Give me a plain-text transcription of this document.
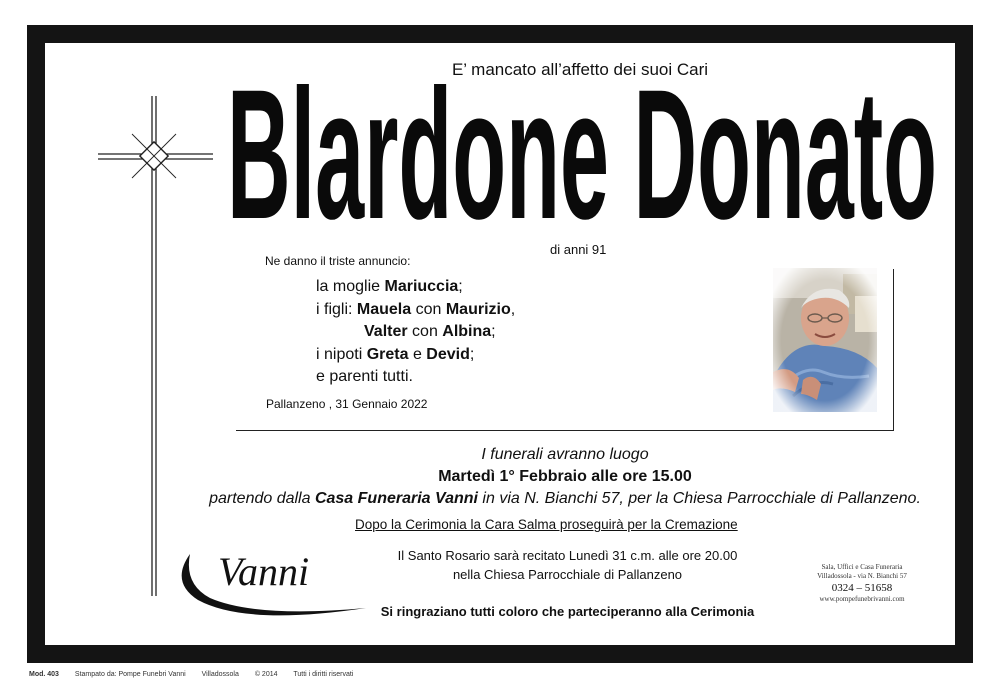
E’ mancato all’affetto dei suoi Cari
Blardone Donato
di anni 91
Ne danno il triste annuncio:
la moglie Mariuccia;
i figli: Mauela con Maurizio,
Valter con Albina;
i nipoti Greta e Devid;
e parenti tutti.
Pallanzeno , 31 Gennaio 2022
I funerali avranno luogo
Martedì 1° Febbraio alle ore 15.00
partendo dalla Casa Funeraria Vanni in via N. Bianchi 57, per la Chiesa Parrocchiale di Pallanzeno.
Dopo la Cerimonia la Cara Salma proseguirà per la Cremazione
Il Santo Rosario sarà recitato Lunedì 31 c.m. alle ore 20.00
nella Chiesa Parrocchiale di Pallanzeno
Si ringraziano tutti coloro che parteciperanno alla Cerimonia
Vanni	Sala, Uffici e Casa Funeraria
Villadossola - via N. Bianchi 57
0324 – 51658
www.pompefunebrivanni.com
Mod. 403 Stampato da: Pompe Funebri Vanni Villadossola © 2014 Tutti i diritti riservati
